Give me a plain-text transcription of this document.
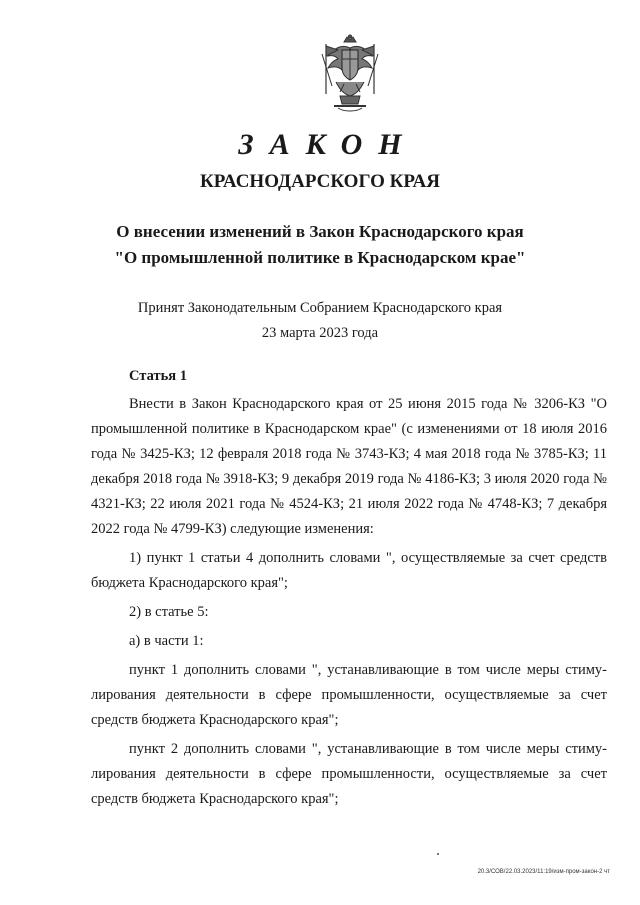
ЗАКОН
КРАСНОДАРСКОГО КРАЯ
О внесении изменений в Закон Краснодарского края
"О промышленной политике в Краснодарском крае"
Принят Законодательным Собранием Краснодарского края
23 марта 2023 года

Статья 1

Внести в Закон Краснодарского края от 25 июня 2015 года № 3206-КЗ "О промышленной политике в Краснодарском крае" (с изменениями от 18 июля 2016 года № 3425-КЗ; 12 февраля 2018 года № 3743-КЗ; 4 мая 2018 года № 3785-КЗ; 11 декабря 2018 года № 3918-КЗ; 9 декабря 2019 года № 4186-КЗ; 3 июля 2020 года № 4321-КЗ; 22 июля 2021 года № 4524-КЗ; 21 июля 2022 года № 4748-КЗ; 7 декабря 2022 года № 4799-КЗ) следующие изменения:

1) пункт 1 статьи 4 дополнить словами ", осуществляемые за счет средств бюджета Краснодарского края";

2) в статье 5:

а) в части 1:

пункт 1 дополнить словами ", устанавливающие в том числе меры стимулирования деятельности в сфере промышленности, осуществляемые за счет средств бюджета Краснодарского края";

пункт 2 дополнить словами ", устанавливающие в том числе меры стимулирования деятельности в сфере промышленности, осуществляемые за счет средств бюджета Краснодарского края";

20.3/СОВ/22.03.2023/11:19/изм-пром-закон-2 чт
